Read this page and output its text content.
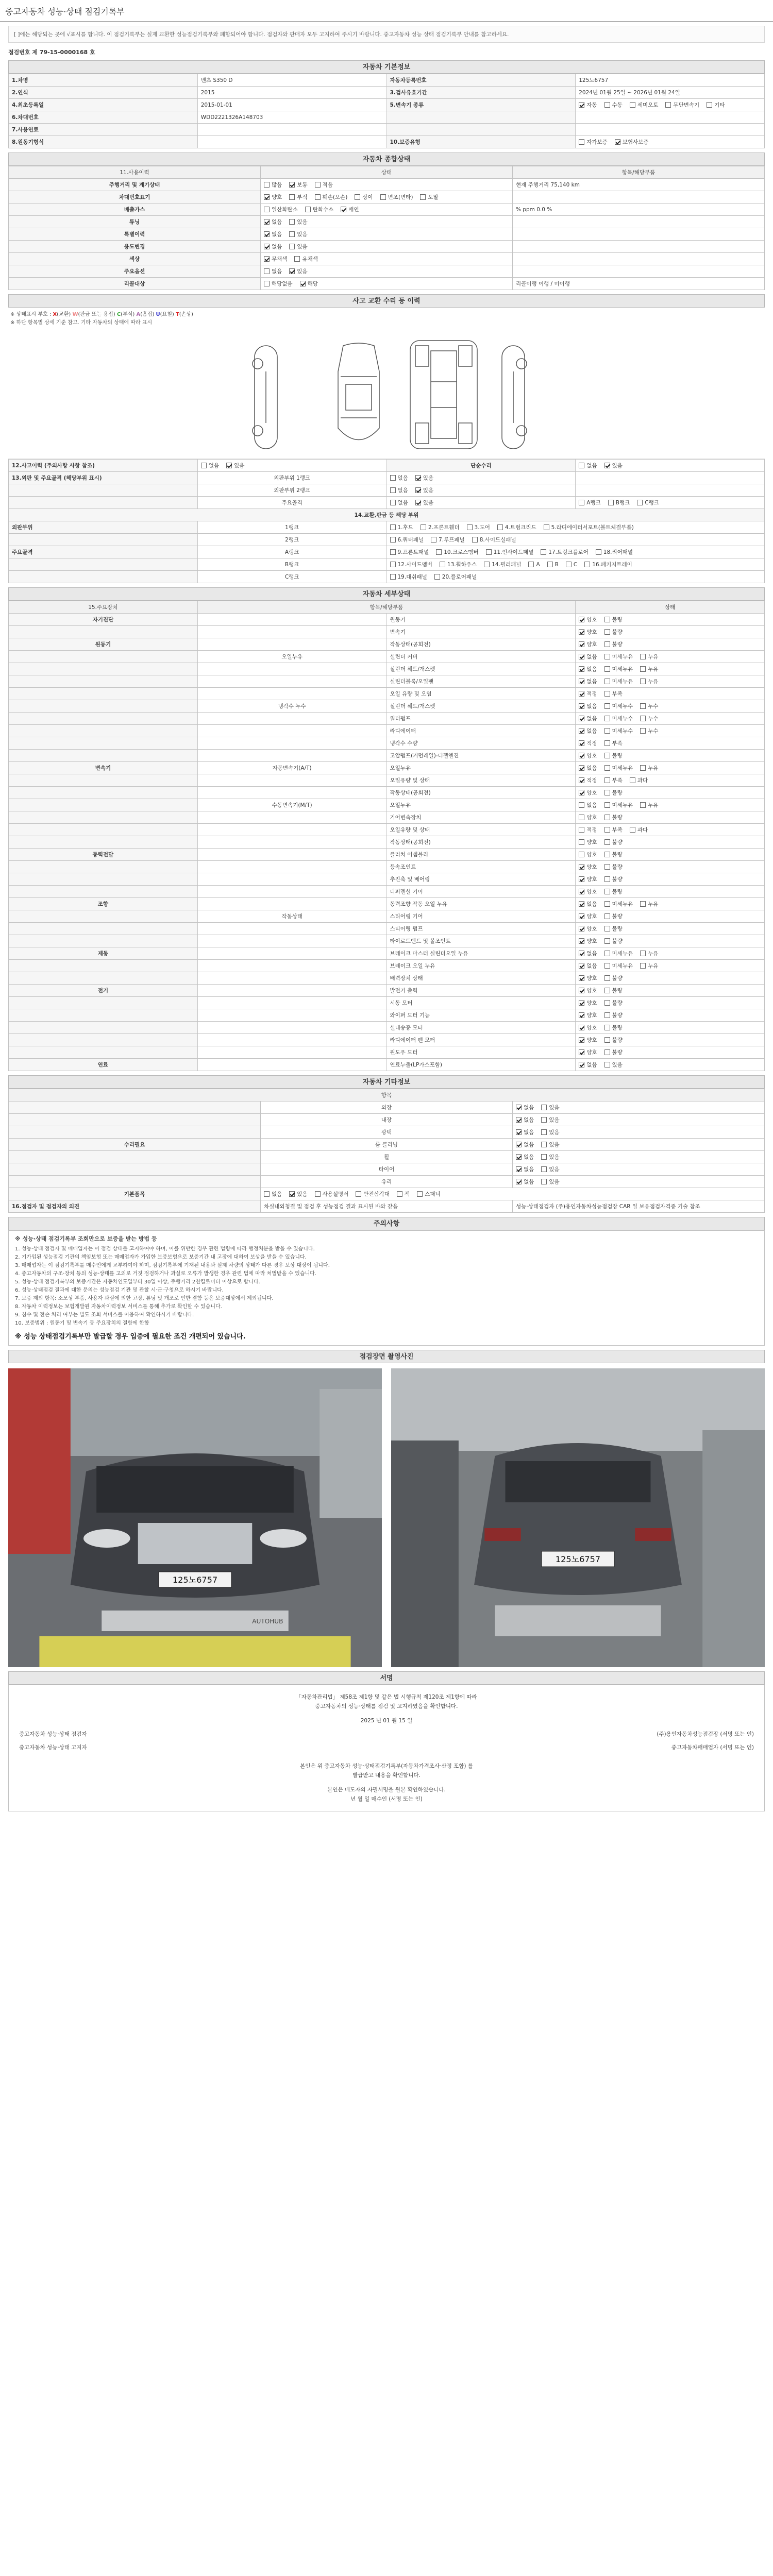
중고자동차 성능·상태 점검기록부
[ ]에는 해당되는 곳에 √표시를 합니다. 이 점검기록부는 실제 교환한 성능점검기록부와 폐합되어야 합니다. 점검자와 판매자 모두 고지하여 주시기 바랍니다. 중고자동차 성능 상태 점검기록부 안내를 참고하세요.
점검번호 제 79-15-0000168 호
자동차 기본정보
1.차명	벤츠 S350 D	자동차등록번호	125노6757
2.연식	2015	3.검사유효기간	2024년 01월 25일 ~ 2026년 01월 24일
4.최초등록일	2015-01-01	5.변속기 종류	자동 수동 세미오토 무단변속기 기타
6.차대번호	WDD2221326A148703		
7.사용연료			
8.원동기형식		10.보증유형	자가보증 보험사보증
자동차 종합상태
11.사용이력	상태	항목/해당부품
주행거리 및 계기상태	많음 보통 적음	현재 주행거리 75,140 km
차대번호표기	양호 부식 훼손(오손) 상이 변조(변타) 도말	
배출가스	일산화탄소 탄화수소 매연	% ppm 0.0 %
튜닝	없음 있음	
특별이력	없음 있음	
용도변경	없음 있음	
색상	무채색 유채색	
주요옵션	없음 있음	
리콜대상	해당없음 해당	리콜이행 이행 / 미이행
사고 교환 수리 등 이력
※ 상태표시 부호 : X(교환) W(판금 또는 용접) C(부식) A(흠집) U(요철) T(손상)
※ 하단 항목별 상세 기준 참고. 기타 자동차의 상태에 따라 표시
12.사고이력 (주의사항 사항 참조)	없음 있음	단순수리	없음 있음
13.외판 및 주요골격 (해당부위 표시)	외판부위 1랭크	없음 있음	
	외판부위 2랭크	없음 있음	
	주요골격	없음 있음	A랭크 B랭크 C랭크
14.교환,판금 등 해당 부위			
외판부위	1랭크	1.후드 2.프론트휀더 3.도어 4.트렁크리드 5.라디에이터서포트(볼트체결부품)	
	2랭크	6.쿼터패널 7.루프패널 8.사이드실패널	
주요골격	A랭크	9.프론트패널 10.크로스멤버 11.인사이드패널 17.트렁크플로어 18.리어패널	
	B랭크	12.사이드멤버 13.휠하우스 14.필러패널 A B C 16.패키지트레이	
	C랭크	19.대쉬패널 20.플로어패널	
자동차 세부상태
15.주요장치	항목/해당부품		상태
자기진단		원동기	양호 불량
		변속기	양호 불량
원동기		작동상태(공회전)	양호 불량
	오일누유	실린더 커버	없음 미세누유 누유
		실린더 헤드/개스켓	없음 미세누유 누유
		실린더블록/오일팬	없음 미세누유 누유
		오일 유량 및 오염	적정 부족
	냉각수 누수	실린더 헤드/개스켓	없음 미세누수 누수
		워터펌프	없음 미세누수 누수
		라디에이터	없음 미세누수 누수
		냉각수 수량	적정 부족
		고압펌프(커먼레일)-디젤엔진	양호 불량
변속기	자동변속기(A/T)	오일누유	없음 미세누유 누유
		오일유량 및 상태	적정 부족 과다
		작동상태(공회전)	양호 불량
	수동변속기(M/T)	오일누유	없음 미세누유 누유
		기어변속장치	양호 불량
		오일유량 및 상태	적정 부족 과다
		작동상태(공회전)	양호 불량
동력전달		클러치 어셈블리	양호 불량
		등속조인트	양호 불량
		추진축 및 베어링	양호 불량
		디퍼렌셜 기어	양호 불량
조향		동력조향 작동 오일 누유	없음 미세누유 누유
	작동상태	스티어링 기어	양호 불량
		스티어링 펌프	양호 불량
		타이로드엔드 및 볼조인트	양호 불량
제동		브레이크 마스터 실린더오일 누유	없음 미세누유 누유
		브레이크 오일 누유	없음 미세누유 누유
		배력장치 상태	양호 불량
전기		발전기 출력	양호 불량
		시동 모터	양호 불량
		와이퍼 모터 기능	양호 불량
		실내송풍 모터	양호 불량
		라디에이터 팬 모터	양호 불량
		윈도우 모터	양호 불량
연료		연료누출(LP가스포함)	없음 있음
자동차 기타정보
항목		
	외장	없음 있음
	내장	없음 있음
	광택	없음 있음
수리필요	룸 클리닝	없음 있음
	휠	없음 있음
	타이어	없음 있음
	유리	없음 있음
기본품목	없음 있음 사용설명서 안전삼각대 잭 스패너	
16.점검자 및 점검자의 의견	차실내외청결 및 점검 후 성능점검 결과 표시된 바와 같음	성능·상태점검자 (주)용인자동차성능점검장 CAR 일 보유점검자격증 기술 참조
주의사항
※ 성능·상태 점검기록부 조회만으로 보증을 받는 방법 등
1. 성능·상태 점검자 및 매매업자는 이 점검 상태를 고지하여야 하며, 이를 위반한 경우 관련 법령에 따라 행정처분을 받을 수 있습니다.
2. 기가입된 성능점검 기관의 책임보험 또는 매매업자가 가입한 보증보험으로 보증기간 내 고장에 대하여 보상을 받을 수 있습니다.
3. 매매업자는 이 점검기록부를 매수인에게 교부하여야 하며, 점검기록부에 기재된 내용과 실제 차량의 상태가 다른 경우 보상 대상이 됩니다.
4. 중고자동차의 구조·장치 등의 성능·상태를 고의로 거짓 점검하거나 과실로 오류가 발생한 경우 관련 법에 따라 처벌받을 수 있습니다.
5. 성능·상태 점검기록부의 보증기간은 자동차인도일부터 30일 이상, 주행거리 2천킬로미터 이상으로 합니다.
6. 성능·상태점검 결과에 대한 문의는 성능점검 기관 및 관할 시·군·구청으로 하시기 바랍니다.
7. 보증 제외 항목: 소모성 부품, 사용자 과실에 의한 고장, 튜닝 및 개조로 인한 결함 등은 보증대상에서 제외됩니다.
8. 자동차 이력정보는 보험개발원 자동차이력정보 서비스를 통해 추가로 확인할 수 있습니다.
9. 침수 및 전손 처리 여부는 별도 조회 서비스를 이용하여 확인하시기 바랍니다.
10. 보증범위 : 원동기 및 변속기 등 주요장치의 결함에 한함
※ 성능 상태점검기록부만 발급할 경우 입증에 필요한 조건 개편되어 있습니다.
점검장면 촬영사진
125노6757
AUTOHUB
125노6757
서명
「자동차관리법」 제58조 제1항 및 같은 법 시행규칙 제120조 제1항에 따라
중고자동차의 성능·상태를 점검 및 고지하였음을 확인합니다.
2025 년 01 월 15 일
중고자동차 성능·상태 점검자	(주)용인자동차성능점검장 (서명 또는 인)
중고자동차 성능·상태 고지자	중고자동차매매업자 (서명 또는 인)
본인은 위 중고자동차 성능·상태점검기록부(자동차가격조사·산정 포함) 를
발급받고 내용을 확인합니다.
본인은 매도자의 자필서명을 원본 확인하였습니다.
년 월 일 매수인 (서명 또는 인)
